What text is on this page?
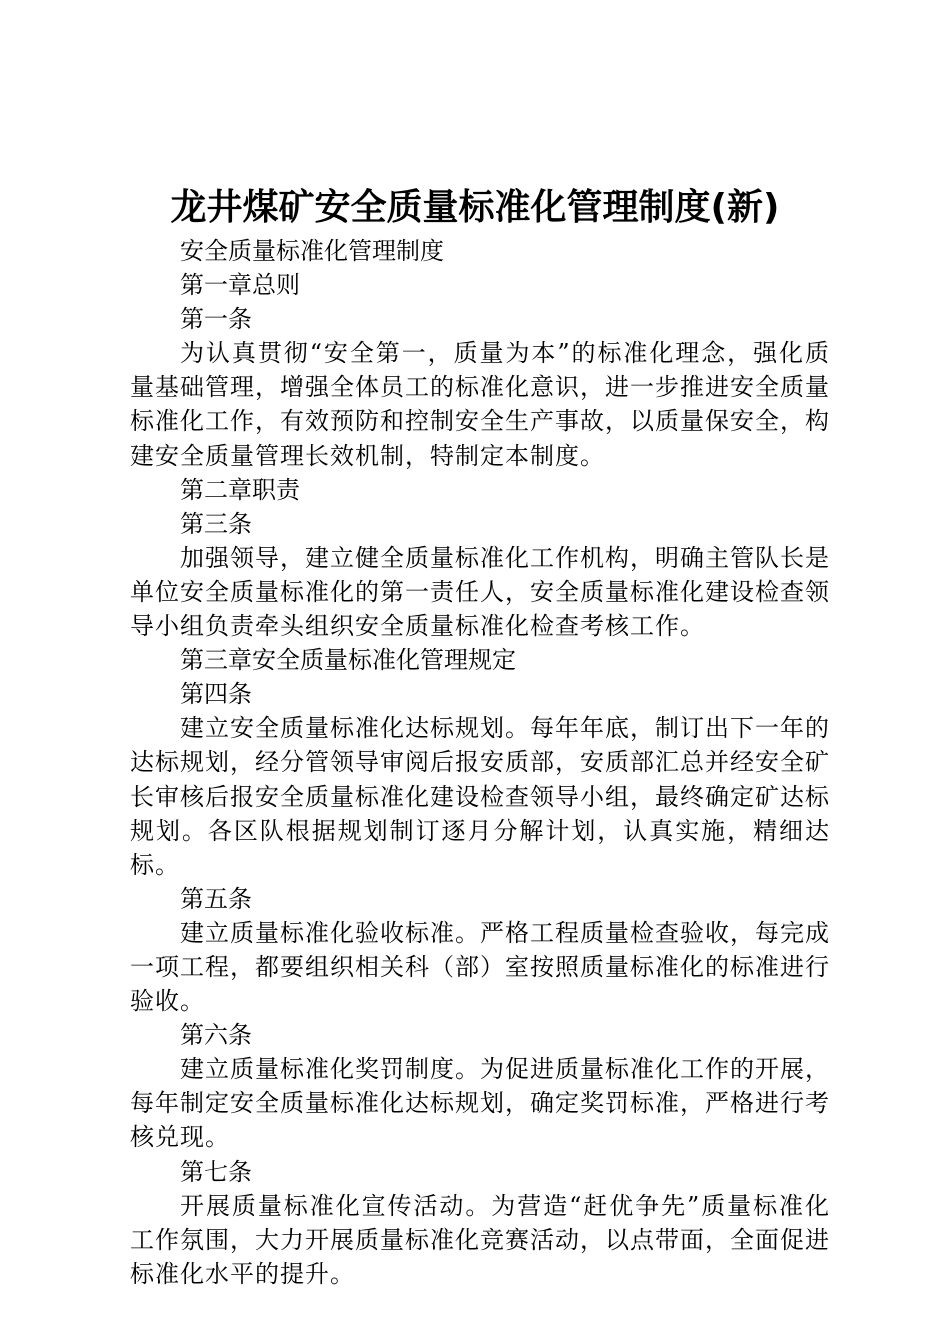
龙井煤矿安全质量标准化管理制度(新)
安全质量标准化管理制度
第一章总则
第一条
为认真贯彻“安全第一，质量为本”的标准化理念，强化质量基础管理，增强全体员工的标准化意识，进一步推进安全质量标准化工作，有效预防和控制安全生产事故，以质量保安全，构建安全质量管理长效机制，特制定本制度。
第二章职责
第三条
加强领导，建立健全质量标准化工作机构，明确主管队长是单位安全质量标准化的第一责任人，安全质量标准化建设检查领导小组负责牵头组织安全质量标准化检查考核工作。
第三章安全质量标准化管理规定
第四条
建立安全质量标准化达标规划。每年年底，制订出下一年的达标规划，经分管领导审阅后报安质部，安质部汇总并经安全矿长审核后报安全质量标准化建设检查领导小组，最终确定矿达标规划。各区队根据规划制订逐月分解计划，认真实施，精细达标。
第五条
建立质量标准化验收标准。严格工程质量检查验收，每完成一项工程，都要组织相关科（部）室按照质量标准化的标准进行验收。
第六条
建立质量标准化奖罚制度。为促进质量标准化工作的开展，每年制定安全质量标准化达标规划，确定奖罚标准，严格进行考核兑现。
第七条
开展质量标准化宣传活动。为营造“赶优争先”质量标准化工作氛围，大力开展质量标准化竞赛活动，以点带面，全面促进标准化水平的提升。
